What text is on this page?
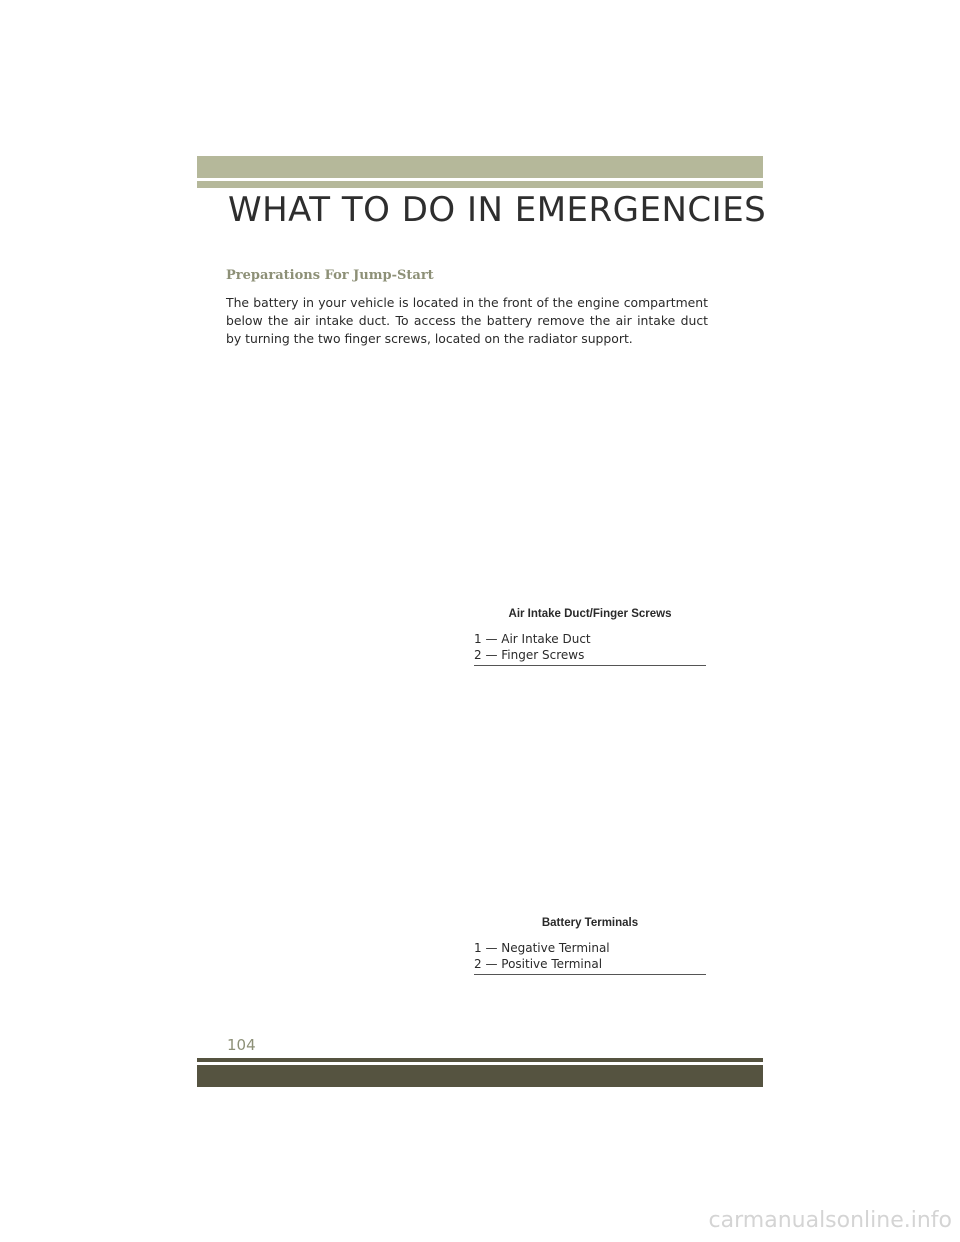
WHAT TO DO IN EMERGENCIES
Preparations For Jump-Start

The battery in your vehicle is located in the front of the engine compartment below the air intake duct. To access the battery remove the air intake duct by turning the two finger screws, located on the radiator support.

Air Intake Duct/Finger Screws
1 — Air Intake Duct
2 — Finger Screws
Battery Terminals
1 — Negative Terminal
2 — Positive Terminal
104
carmanualsonline.info
